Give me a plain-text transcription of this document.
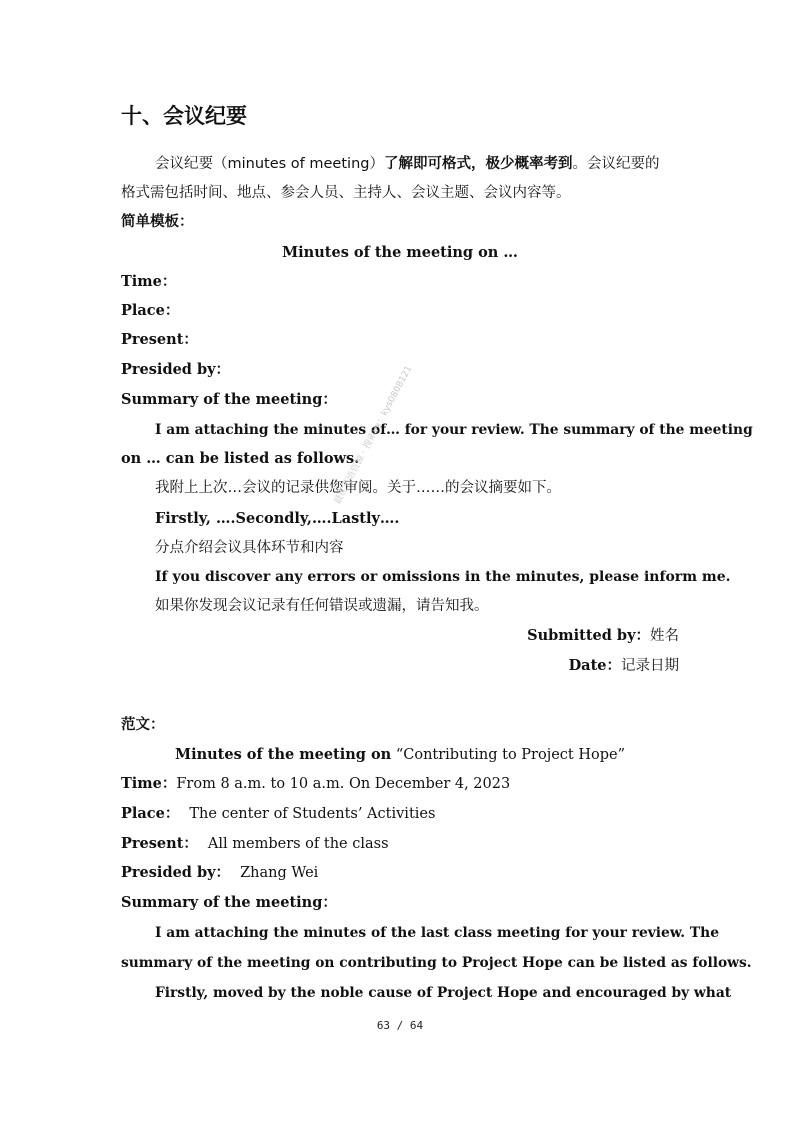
十、会议纪要
会议纪要（minutes of meeting）了解即可格式，极少概率考到。会议纪要的
格式需包括时间、地点、参会人员、主持人、会议主题、会议内容等。
简单模板：
Minutes of the meeting on …
Time：
Place：
Present：
Presided by：
Summary of the meeting：
I am attaching the minutes of… for your review. The summary of the meeting
on … can be listed as follows.
我附上上次…会议的记录供您审阅。关于……的会议摘要如下。
Firstly, ….Secondly,….Lastly….
分点介绍会议具体环节和内容
If you discover any errors or omissions in the minutes, please inform me.
如果你发现会议记录有任何错误或遗漏，请告知我。
Submitted by：姓名
Date：记录日期
范文：
Minutes of the meeting on “Contributing to Project Hope”
Time：From 8 a.m. to 10 a.m. On December 4, 2023
Place： The center of Students’ Activities
Present： All members of the class
Presided by： Zhang Wei
Summary of the meeting：
I am attaching the minutes of the last class meeting for your review. The
summary of the meeting on contributing to Project Hope can be listed as follows.
Firstly, moved by the noble cause of Project Hope and encouraged by what
最优英语资源 · 搜索vx：kys0808121
63 / 64
